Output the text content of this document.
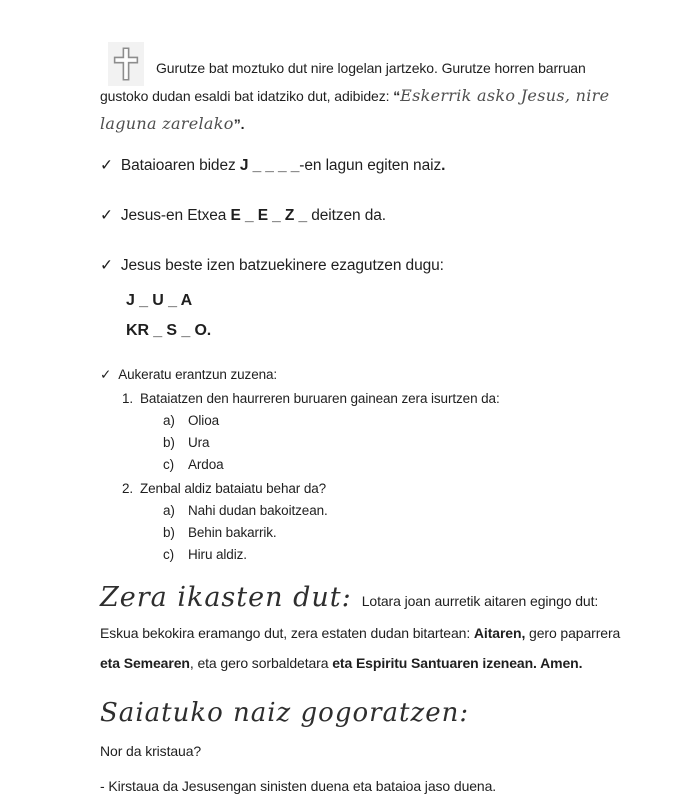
Gurutze bat moztuko dut nire logelan jartzeko. Gurutze horren barruan gustoko dudan esaldi bat idatziko dut, adibidez: “Eskerrik asko Jesus, nire laguna zarelako”.
✓ Bataioaren bidez J _ _ _ _-en lagun egiten naiz.
✓ Jesus-en Etxea E _ E _ Z _ deitzen da.
✓ Jesus beste izen batzuekinere ezagutzen dugu:
J _ U _ A
KR _ S _ O.
✓ Aukeratu erantzun zuzena:
1. Bataiatzen den haurreren buruaren gainean zera isurtzen da:
a) Olioa
b) Ura
c) Ardoa
2. Zenbal aldiz bataiatu behar da?
a) Nahi dudan bakoitzean.
b) Behin bakarrik.
c) Hiru aldiz.

Zera ikasten dut: Lotara joan aurretik aitaren egingo dut: Eskua bekokira eramango dut, zera estaten dudan bitartean: Aitaren, gero paparrera eta Semearen, eta gero sorbaldetara eta Espiritu Santuaren izenean. Amen.

Saiatuko naiz gogoratzen:
Nor da kristaua?
- Kirstaua da Jesusengan sinisten duena eta bataioa jaso duena.
